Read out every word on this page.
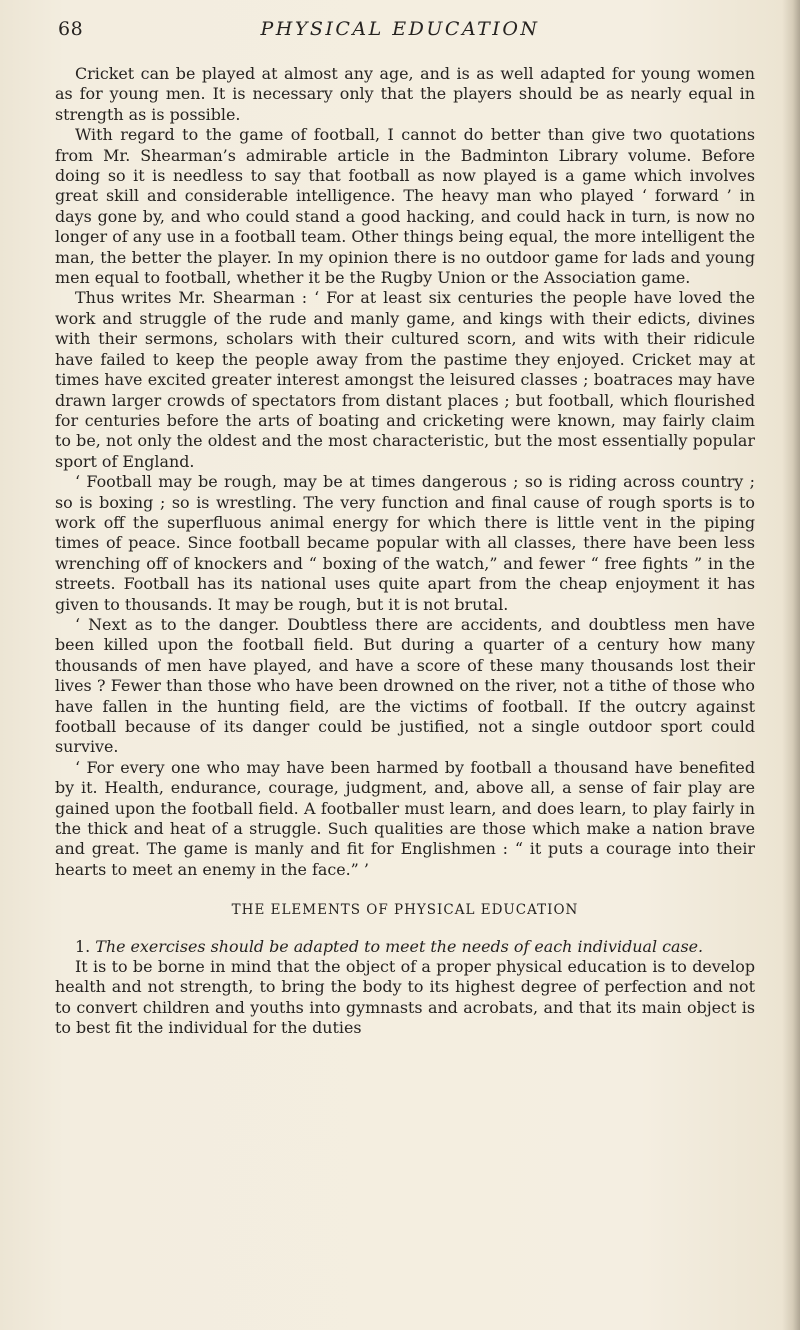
68	PHYSICAL EDUCATION

Cricket can be played at almost any age, and is as well adapted for young women as for young men. It is necessary only that the players should be as nearly equal in strength as is possible.

With regard to the game of football, I cannot do better than give two quotations from Mr. Shearman’s admirable article in the Badminton Library volume. Before doing so it is needless to say that football as now played is a game which involves great skill and considerable intelligence. The heavy man who played ‘ forward ’ in days gone by, and who could stand a good hacking, and could hack in turn, is now no longer of any use in a football team. Other things being equal, the more intelligent the man, the better the player. In my opinion there is no outdoor game for lads and young men equal to football, whether it be the Rugby Union or the Association game.

Thus writes Mr. Shearman : ‘ For at least six centuries the people have loved the work and struggle of the rude and manly game, and kings with their edicts, divines with their sermons, scholars with their cultured scorn, and wits with their ridicule have failed to keep the people away from the pastime they enjoyed. Cricket may at times have excited greater interest amongst the leisured classes ; boatraces may have drawn larger crowds of spectators from distant places ; but football, which flourished for centuries before the arts of boating and cricketing were known, may fairly claim to be, not only the oldest and the most characteristic, but the most essentially popular sport of England.

‘ Football may be rough, may be at times dangerous ; so is riding across country ; so is boxing ; so is wrestling. The very function and final cause of rough sports is to work off the superfluous animal energy for which there is little vent in the piping times of peace. Since football became popular with all classes, there have been less wrenching off of knockers and “ boxing of the watch,” and fewer “ free fights ” in the streets. Football has its national uses quite apart from the cheap enjoyment it has given to thousands. It may be rough, but it is not brutal.

‘ Next as to the danger. Doubtless there are accidents, and doubtless men have been killed upon the football field. But during a quarter of a century how many thousands of men have played, and have a score of these many thousands lost their lives ? Fewer than those who have been drowned on the river, not a tithe of those who have fallen in the hunting field, are the victims of football. If the outcry against football because of its danger could be justified, not a single outdoor sport could survive.

‘ For every one who may have been harmed by football a thousand have benefited by it. Health, endurance, courage, judgment, and, above all, a sense of fair play are gained upon the football field. A footballer must learn, and does learn, to play fairly in the thick and heat of a struggle. Such qualities are those which make a nation brave and great. The game is manly and fit for Englishmen : “ it puts a courage into their hearts to meet an enemy in the face.” ’

THE ELEMENTS OF PHYSICAL EDUCATION

1. The exercises should be adapted to meet the needs of each individual case.

It is to be borne in mind that the object of a proper physical education is to develop health and not strength, to bring the body to its highest degree of perfection and not to convert children and youths into gymnasts and acrobats, and that its main object is to best fit the individual for the duties
